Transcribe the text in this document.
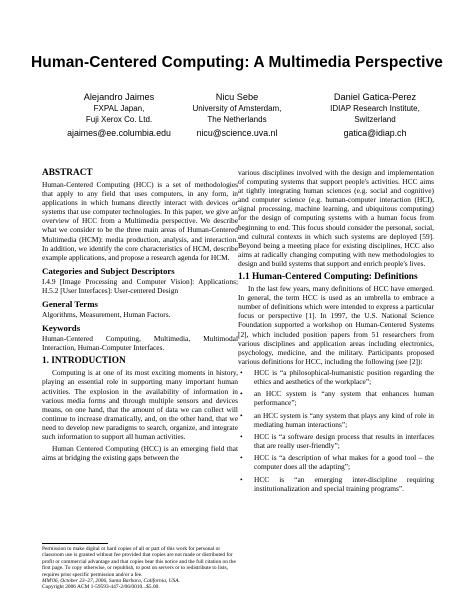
Human-Centered Computing: A Multimedia Perspective
Alejandro Jaimes
FXPAL Japan,
Fuji Xerox Co. Ltd.
ajaimes@ee.columbia.edu
Nicu Sebe
University of Amsterdam,
The Netherlands
nicu@science.uva.nl
Daniel Gatica-Perez
IDIAP Research Institute,
Switzerland
gatica@idiap.ch
ABSTRACT

Human-Centered Computing (HCC) is a set of methodologies that apply to any field that uses computers, in any form, in applications in which humans directly interact with devices or systems that use computer technologies. In this paper, we give an overview of HCC from a Multimedia perspective. We describe what we consider to be the three main areas of Human-Centered Multimedia (HCM): media production, analysis, and interaction. In addition, we identify the core characteristics of HCM, describe example applications, and propose a research agenda for HCM.

Categories and Subject Descriptors

I.4.9 [Image Processing and Computer Vision]: Applications; H.5.2 [User Interfaces]: User-centered Design

General Terms

Algorithms, Measurement, Human Factors.

Keywords

Human-Centered Computing, Multimedia, Multimodal Interaction, Human-Computer Interfaces.

1. INTRODUCTION

Computing is at one of its most exciting moments in history, playing an essential role in supporting many important human activities. The explosion in the availability of information in various media forms and through multiple sensors and devices means, on one hand, that the amount of data we can collect will continue to increase dramatically, and, on the other hand, that we need to develop new paradigms to search, organize, and integrate such information to support all human activities.

Human Centered Computing (HCC) is an emerging field that aims at bridging the existing gaps between the

Permission to make digital or hard copies of all or part of this work for personal or classroom use is granted without fee provided that copies are not made or distributed for profit or commercial advantage and that copies bear this notice and the full citation on the first page. To copy otherwise, or republish, to post on servers or to redistribute to lists, requires prior specific permission and/or a fee.
MM'06, October 23–27, 2006, Santa Barbara, California, USA.
Copyright 2006 ACM 1-59593-447-2/06/0010...$5.00.

various disciplines involved with the design and implementation of computing systems that support people's activities. HCC aims at tightly integrating human sciences (e.g. social and cognitive) and computer science (e.g. human-computer interaction (HCI), signal processing, machine learning, and ubiquitous computing) for the design of computing systems with a human focus from beginning to end. This focus should consider the personal, social, and cultural contexts in which such systems are deployed [59]. Beyond being a meeting place for existing disciplines, HCC also aims at radically changing computing with new methodologies to design and build systems that support and enrich people's lives.

1.1 Human-Centered Computing: Definitions

In the last few years, many definitions of HCC have emerged. In general, the term HCC is used as an umbrella to embrace a number of definitions which were intended to express a particular focus or perspective [1]. In 1997, the U.S. National Science Foundation supported a workshop on Human-Centered Systems [2], which included position papers from 51 researchers from various disciplines and application areas including electronics, psychology, medicine, and the military. Participants proposed various definitions for HCC, including the following (see [2]):

• HCC is “a philosophical-humanistic position regarding the ethics and aesthetics of the workplace”;
• an HCC system is “any system that enhances human performance”;
• an HCC system is “any system that plays any kind of role in mediating human interactions”;
• HCC is “a software design process that results in interfaces that are really user-friendly”;
• HCC is “a description of what makes for a good tool – the computer does all the adapting”;
• HCC is “an emerging inter-discipline requiring institutionalization and special training programs”.
